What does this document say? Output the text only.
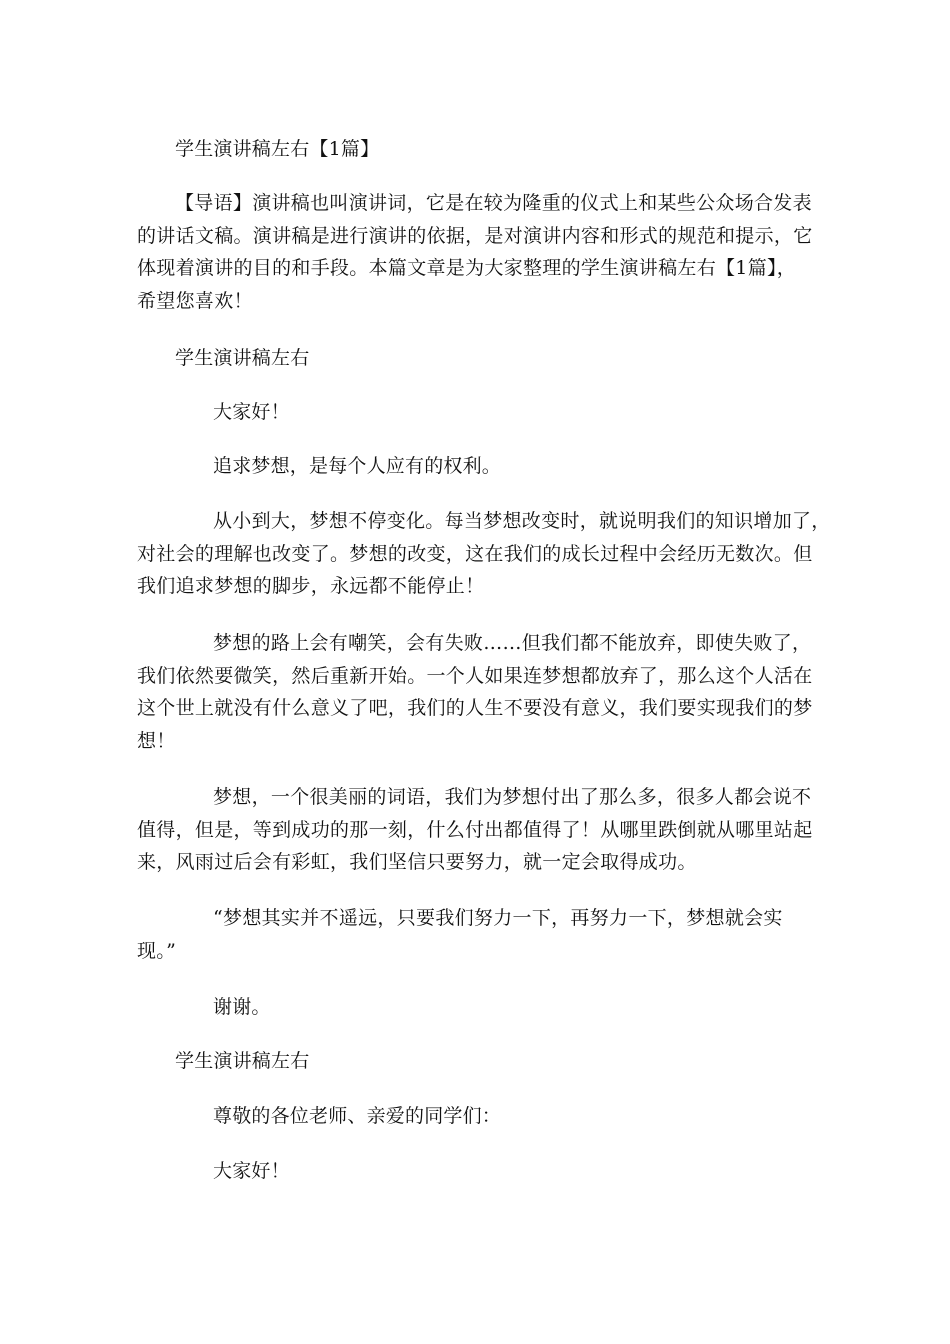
学生演讲稿左右【1篇】
【导语】演讲稿也叫演讲词，它是在较为隆重的仪式上和某些公众场合发表
的讲话文稿。演讲稿是进行演讲的依据，是对演讲内容和形式的规范和提示，它
体现着演讲的目的和手段。本篇文章是为大家整理的学生演讲稿左右【1篇】，
希望您喜欢！
学生演讲稿左右
大家好！
追求梦想，是每个人应有的权利。
从小到大，梦想不停变化。每当梦想改变时，就说明我们的知识增加了，
对社会的理解也改变了。梦想的改变，这在我们的成长过程中会经历无数次。但
我们追求梦想的脚步，永远都不能停止！
梦想的路上会有嘲笑，会有失败……但我们都不能放弃，即使失败了，
我们依然要微笑，然后重新开始。一个人如果连梦想都放弃了，那么这个人活在
这个世上就没有什么意义了吧，我们的人生不要没有意义，我们要实现我们的梦
想！
梦想，一个很美丽的词语，我们为梦想付出了那么多，很多人都会说不
值得，但是，等到成功的那一刻，什么付出都值得了！从哪里跌倒就从哪里站起
来，风雨过后会有彩虹，我们坚信只要努力，就一定会取得成功。
“梦想其实并不遥远，只要我们努力一下，再努力一下，梦想就会实
现。”
谢谢。
学生演讲稿左右
尊敬的各位老师、亲爱的同学们：
大家好！
